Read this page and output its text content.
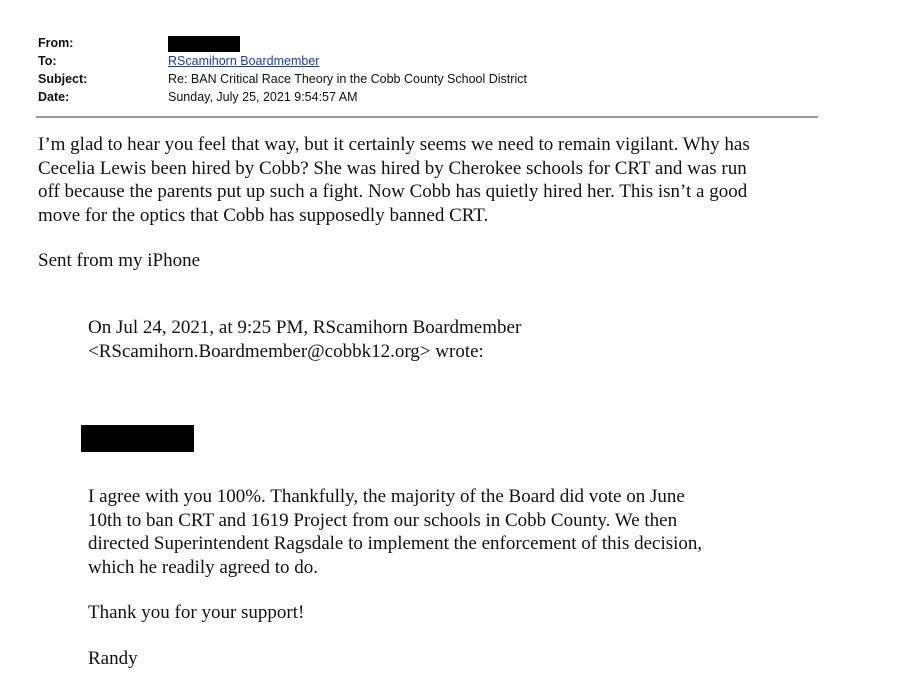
From:
To:	RScamihorn Boardmember
Subject:	Re: BAN Critical Race Theory in the Cobb County School District
Date:	Sunday, July 25, 2021 9:54:57 AM

I’m glad to hear you feel that way, but it certainly seems we need to remain vigilant. Why has
Cecelia Lewis been hired by Cobb? She was hired by Cherokee schools for CRT and was run
off because the parents put up such a fight. Now Cobb has quietly hired her. This isn’t a good
move for the optics that Cobb has supposedly banned CRT.

Sent from my iPhone

On Jul 24, 2021, at 9:25 PM, RScamihorn Boardmember
<RScamihorn.Boardmember@cobbk12.org> wrote:

I agree with you 100%. Thankfully, the majority of the Board did vote on June
10th to ban CRT and 1619 Project from our schools in Cobb County. We then
directed Superintendent Ragsdale to implement the enforcement of this decision,
which he readily agreed to do.

Thank you for your support!

Randy
